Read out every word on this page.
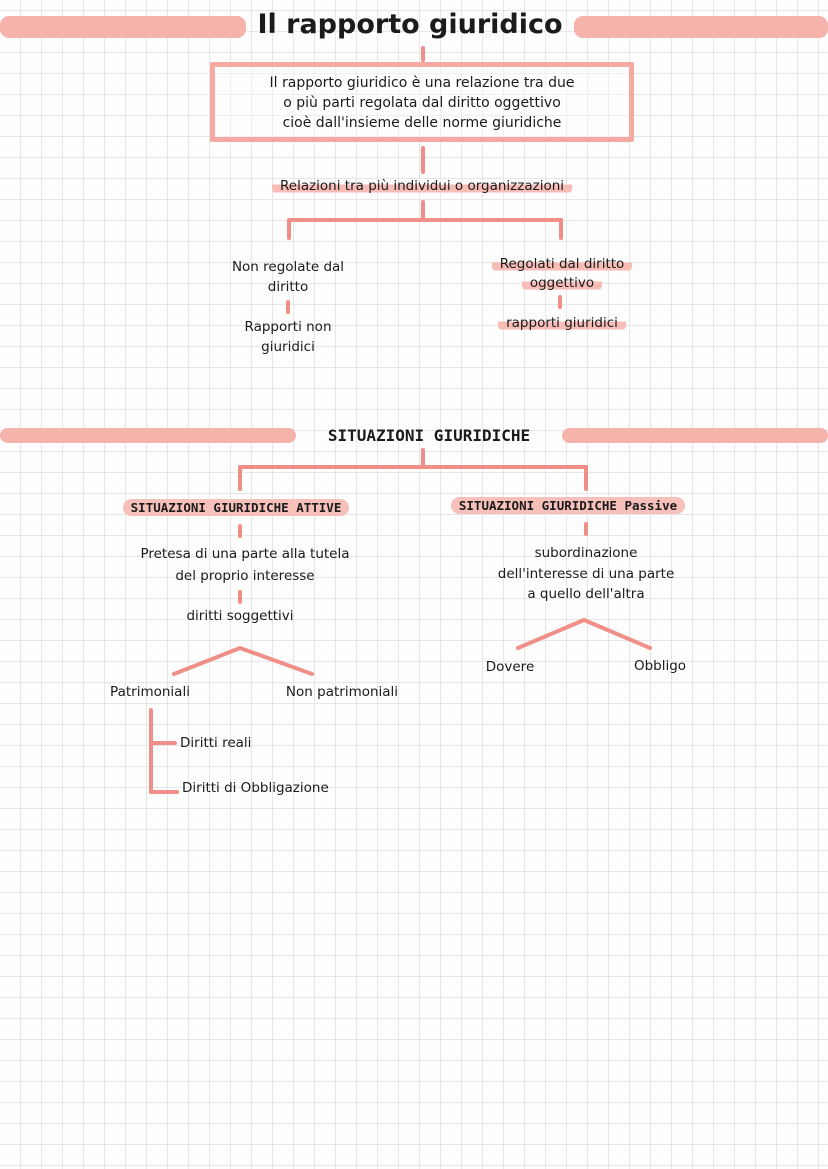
Il rapporto giuridico
Il rapporto giuridico è una relazione tra due
o più parti regolata dal diritto oggettivo
cioè dall'insieme delle norme giuridiche
Relazioni tra più individui o organizzazioni
Non regolate dal
diritto
Rapporti non
giuridici
Regolati dal diritto
oggettivo
rapporti giuridici
SITUAZIONI GIURIDICHE
SITUAZIONI GIURIDICHE ATTIVE
Pretesa di una parte alla tutela
del proprio interesse
diritti soggettivi
Patrimoniali	Non patrimoniali
Diritti reali
Diritti di Obbligazione
SITUAZIONI GIURIDICHE Passive
subordinazione
dell'interesse di una parte
a quello dell'altra
Dovere	Obbligo
